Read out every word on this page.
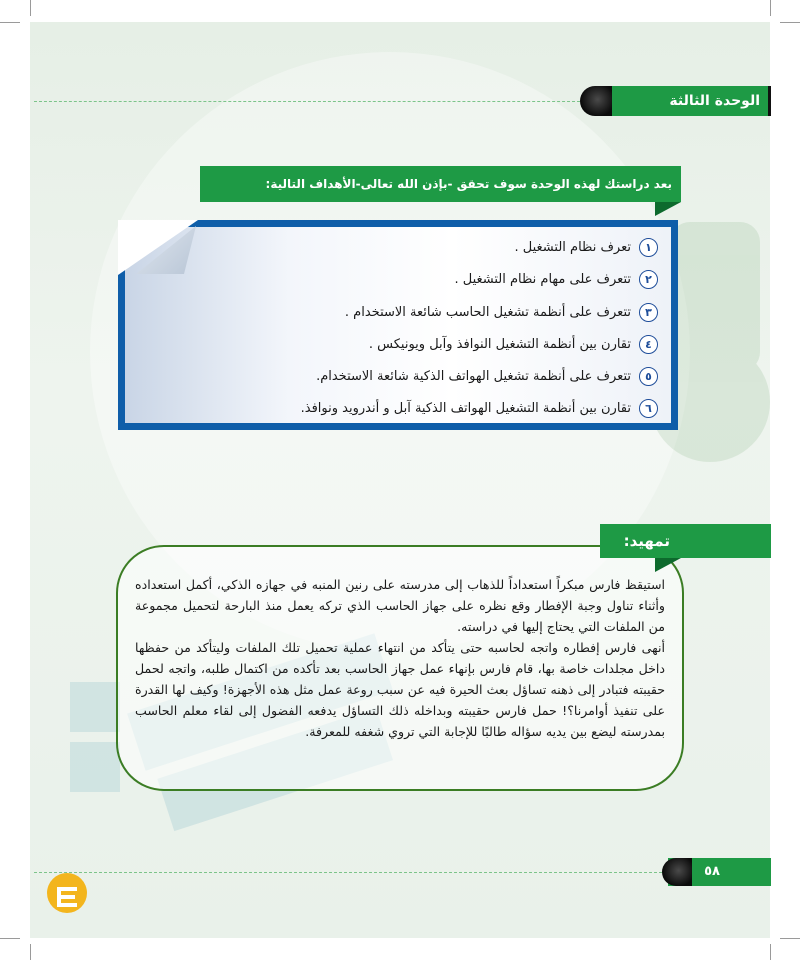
الوحدة الثالثة
بعد دراستك لهذه الوحدة سوف تحقق -بإذن الله تعالى-الأهداف التالية:
١
تعرف نظام التشغيل .
٢
تتعرف على مهام نظام التشغيل .
٣
تتعرف على أنظمة تشغيل الحاسب شائعة الاستخدام .
٤
تقارن بين أنظمة التشغيل النوافذ وآبل ويونيكس .
٥
تتعرف على أنظمة تشغيل الهواتف الذكية شائعة الاستخدام.
٦
تقارن بين أنظمة التشغيل الهواتف الذكية آبل و أندرويد ونوافذ.
تمهيد:

استيقظ فارس مبكراً استعداداً للذهاب إلى مدرسته على رنين المنبه في جهازه الذكي، أكمل استعداده وأثناء تناول وجبة الإفطار وقع نظره على جهاز الحاسب الذي تركه يعمل منذ البارحة لتحميل مجموعة من الملفات التي يحتاج إليها في دراسته.

أنهى فارس إفطاره واتجه لحاسبه حتى يتأكد من انتهاء عملية تحميل تلك الملفات وليتأكد من حفظها داخل مجلدات خاصة بها، قام فارس بإنهاء عمل جهاز الحاسب بعد تأكده من اكتمال طلبه، واتجه لحمل حقيبته فتبادر إلى ذهنه تساؤل بعث الحيرة فيه عن سبب روعة عمل مثل هذه الأجهزة! وكيف لها القدرة على تنفيذ أوامرنا؟! حمل فارس حقيبته وبداخله ذلك التساؤل يدفعه الفضول إلى لقاء معلم الحاسب بمدرسته ليضع بين يديه سؤاله طالبًا للإجابة التي تروي شغفه للمعرفة.

٥٨
